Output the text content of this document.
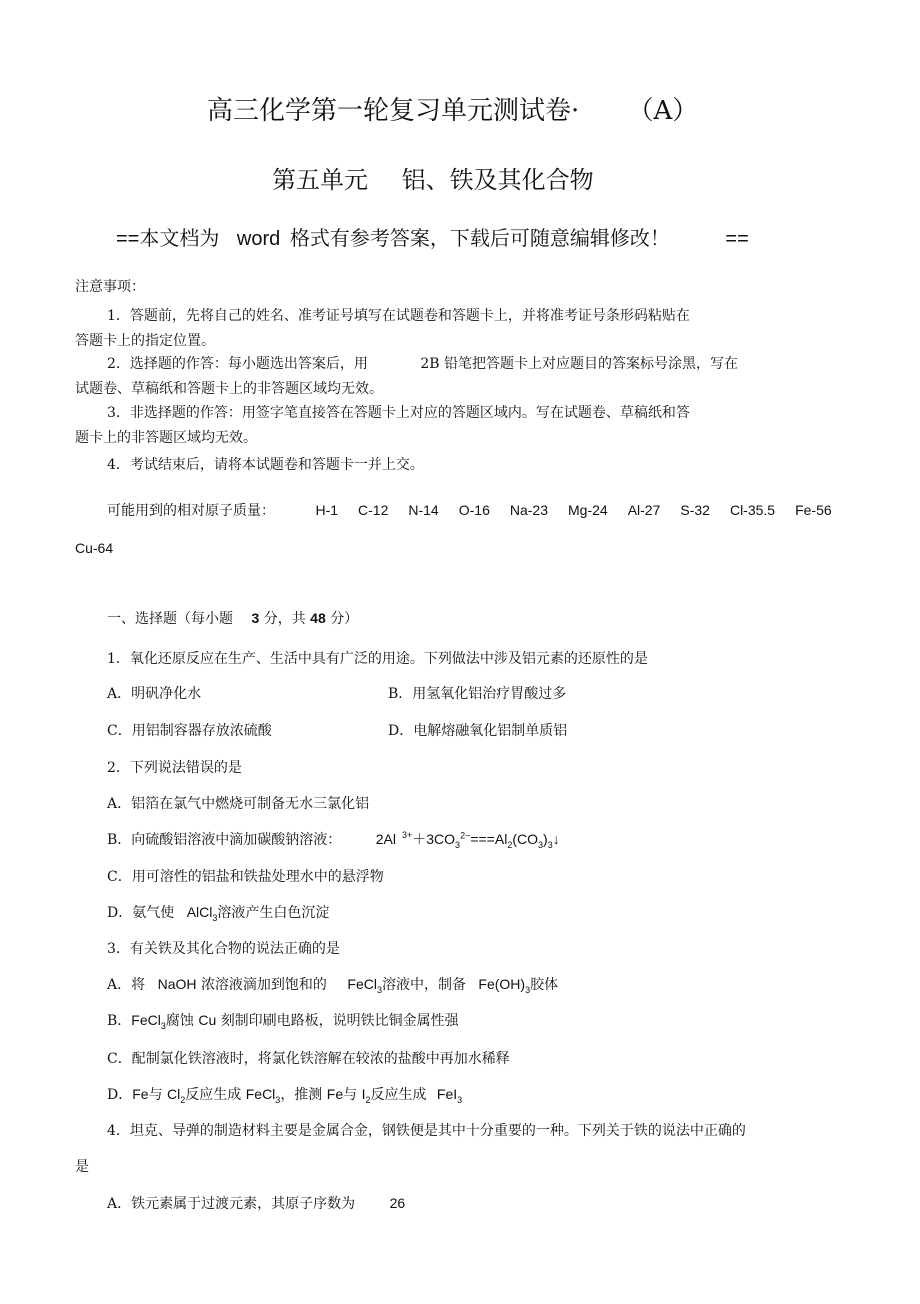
高三化学第一轮复习单元测试卷· （A）
第五单元 铝、铁及其化合物
==本文档为 word 格式有参考答案，下载后可随意编辑修改！	==
注意事项：
1．答题前，先将自己的姓名、准考证号填写在试题卷和答题卡上，并将准考证号条形码粘贴在
答题卡上的指定位置。
2．选择题的作答：每小题选出答案后，用	2B 铅笔把答题卡上对应题目的答案标号涂黑，写在
试题卷、草稿纸和答题卡上的非答题区域均无效。
3．非选择题的作答：用签字笔直接答在答题卡上对应的答题区域内。写在试题卷、草稿纸和答
题卡上的非答题区域均无效。
4．考试结束后，请将本试题卷和答题卡一并上交。
可能用到的相对原子质量：	H-1 C-12 N-14 O-16 Na-23 Mg-24 Al-27 S-32 Cl-35.5 Fe-56
Cu-64
一、选择题（每小题 3 分，共 48 分）
1．氧化还原反应在生产、生活中具有广泛的用途。下列做法中涉及铝元素的还原性的是
A．明矾净化水	B．用氢氧化铝治疗胃酸过多
C．用铝制容器存放浓硫酸	D．电解熔融氧化铝制单质铝
2．下列说法错误的是
A．铝箔在氯气中燃烧可制备无水三氯化铝
B．向硫酸铝溶液中滴加碳酸钠溶液： 2Al $^{3+}+3CO_3^{2-}===Al_2(CO_3)_3↓$
C．用可溶性的铝盐和铁盐处理水中的悬浮物
D．氨气使 AlCl$_3$溶液产生白色沉淀
3．有关铁及其化合物的说法正确的是
A．将 NaOH 浓溶液滴加到饱和的 FeCl$_3$溶液中，制备 $Fe(OH)_3$胶体
B．FeCl$_3$腐蚀 Cu 刻制印刷电路板，说明铁比铜金属性强
C．配制氯化铁溶液时，将氯化铁溶解在较浓的盐酸中再加水稀释
D．Fe与 $Cl_2$反应生成 FeCl$_3$，推测 Fe与 $I_2$反应生成 FeI$_3$
4．坦克、导弹的制造材料主要是金属合金，钢铁便是其中十分重要的一种。下列关于铁的说法中正确的
是
A．铁元素属于过渡元素，其原子序数为 26
